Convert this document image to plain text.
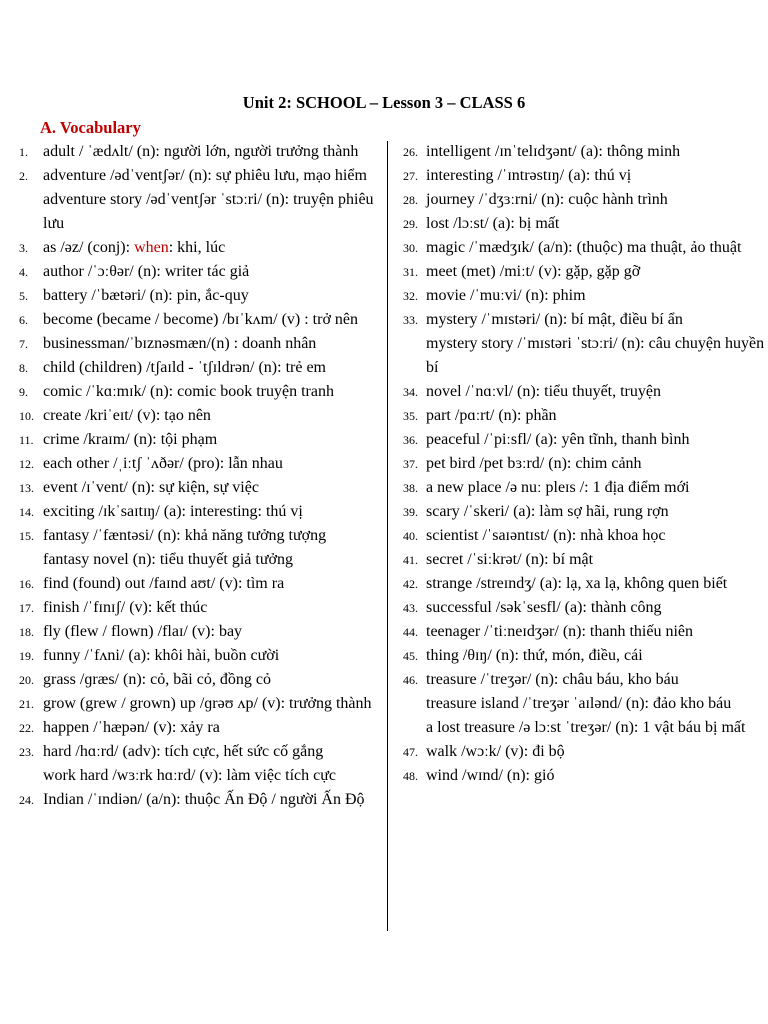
Unit 2: SCHOOL – Lesson 3 – CLASS 6
A. Vocabulary
1. adult / ˈædʌlt/ (n): người lớn, người trưởng thành
2. adventure /ədˈventʃər/ (n): sự phiêu lưu, mạo hiểm
adventure story /ədˈventʃər ˈstɔːri/ (n): truyện phiêu lưu
3. as /əz/ (conj): when: khi, lúc
4. author /ˈɔːθər/ (n): writer tác giả
5. battery /ˈbætəri/ (n): pin, ắc-quy
6. become (became / become) /bɪˈkʌm/ (v) : trở nên
7. businessman/ˈbɪznəsmæn/(n) : doanh nhân
8. child (children) /tʃaɪld - ˈtʃɪldrən/ (n): trẻ em
9. comic /ˈkɑːmɪk/ (n): comic book truyện tranh
10. create /kriˈeɪt/ (v): tạo nên
11. crime /kraɪm/ (n): tội phạm
12. each other /ˌiːtʃ ˈʌðər/ (pro): lẫn nhau
13. event /ɪˈvent/ (n): sự kiện, sự việc
14. exciting /ɪkˈsaɪtɪŋ/ (a): interesting: thú vị
15. fantasy /ˈfæntəsi/ (n): khả năng tưởng tượng
fantasy novel (n): tiểu thuyết giả tưởng
16. find (found) out /faɪnd aʊt/ (v): tìm ra
17. finish /ˈfɪnɪʃ/ (v): kết thúc
18. fly (flew / flown) /flaɪ/ (v): bay
19. funny /ˈfʌni/ (a): khôi hài, buồn cười
20. grass /ɡræs/ (n): cỏ, bãi cỏ, đồng cỏ
21. grow (grew / grown) up /ɡrəʊ ʌp/ (v): trưởng thành
22. happen /ˈhæpən/ (v): xảy ra
23. hard /hɑːrd/ (adv): tích cực, hết sức cố gắng
work hard /wɜːrk hɑːrd/ (v): làm việc tích cực
24. Indian /ˈɪndiən/ (a/n): thuộc Ấn Độ / người Ấn Độ
26. intelligent /ɪnˈtelɪdʒənt/ (a): thông minh
27. interesting /ˈɪntrəstɪŋ/ (a): thú vị
28. journey /ˈdʒɜːrni/ (n): cuộc hành trình
29. lost /lɔːst/ (a): bị mất
30. magic /ˈmædʒɪk/ (a/n): (thuộc) ma thuật, ảo thuật
31. meet (met) /miːt/ (v): gặp, gặp gỡ
32. movie /ˈmuːvi/ (n): phim
33. mystery /ˈmɪstəri/ (n): bí mật, điều bí ẩn
mystery story /ˈmɪstəri ˈstɔːri/ (n): câu chuyện huyền bí
34. novel /ˈnɑːvl/ (n): tiểu thuyết, truyện
35. part /pɑːrt/ (n): phần
36. peaceful /ˈpiːsfl/ (a): yên tĩnh, thanh bình
37. pet bird /pet bɜːrd/ (n): chim cảnh
38. a new place /ə nuː pleɪs /: 1 địa điểm mới
39. scary /ˈskeri/ (a): làm sợ hãi, rung rợn
40. scientist /ˈsaɪəntɪst/ (n): nhà khoa học
41. secret /ˈsiːkrət/ (n): bí mật
42. strange /streɪndʒ/ (a): lạ, xa lạ, không quen biết
43. successful /səkˈsesfl/ (a): thành công
44. teenager /ˈtiːneɪdʒər/ (n): thanh thiếu niên
45. thing /θɪŋ/ (n): thứ, món, điều, cái
46. treasure /ˈtreʒər/ (n): châu báu, kho báu
treasure island /ˈtreʒər ˈaɪlənd/ (n): đảo kho báu
a lost treasure /ə lɔːst ˈtreʒər/ (n): 1 vật báu bị mất
47. walk /wɔːk/ (v): đi bộ
48. wind /wɪnd/ (n): gió
